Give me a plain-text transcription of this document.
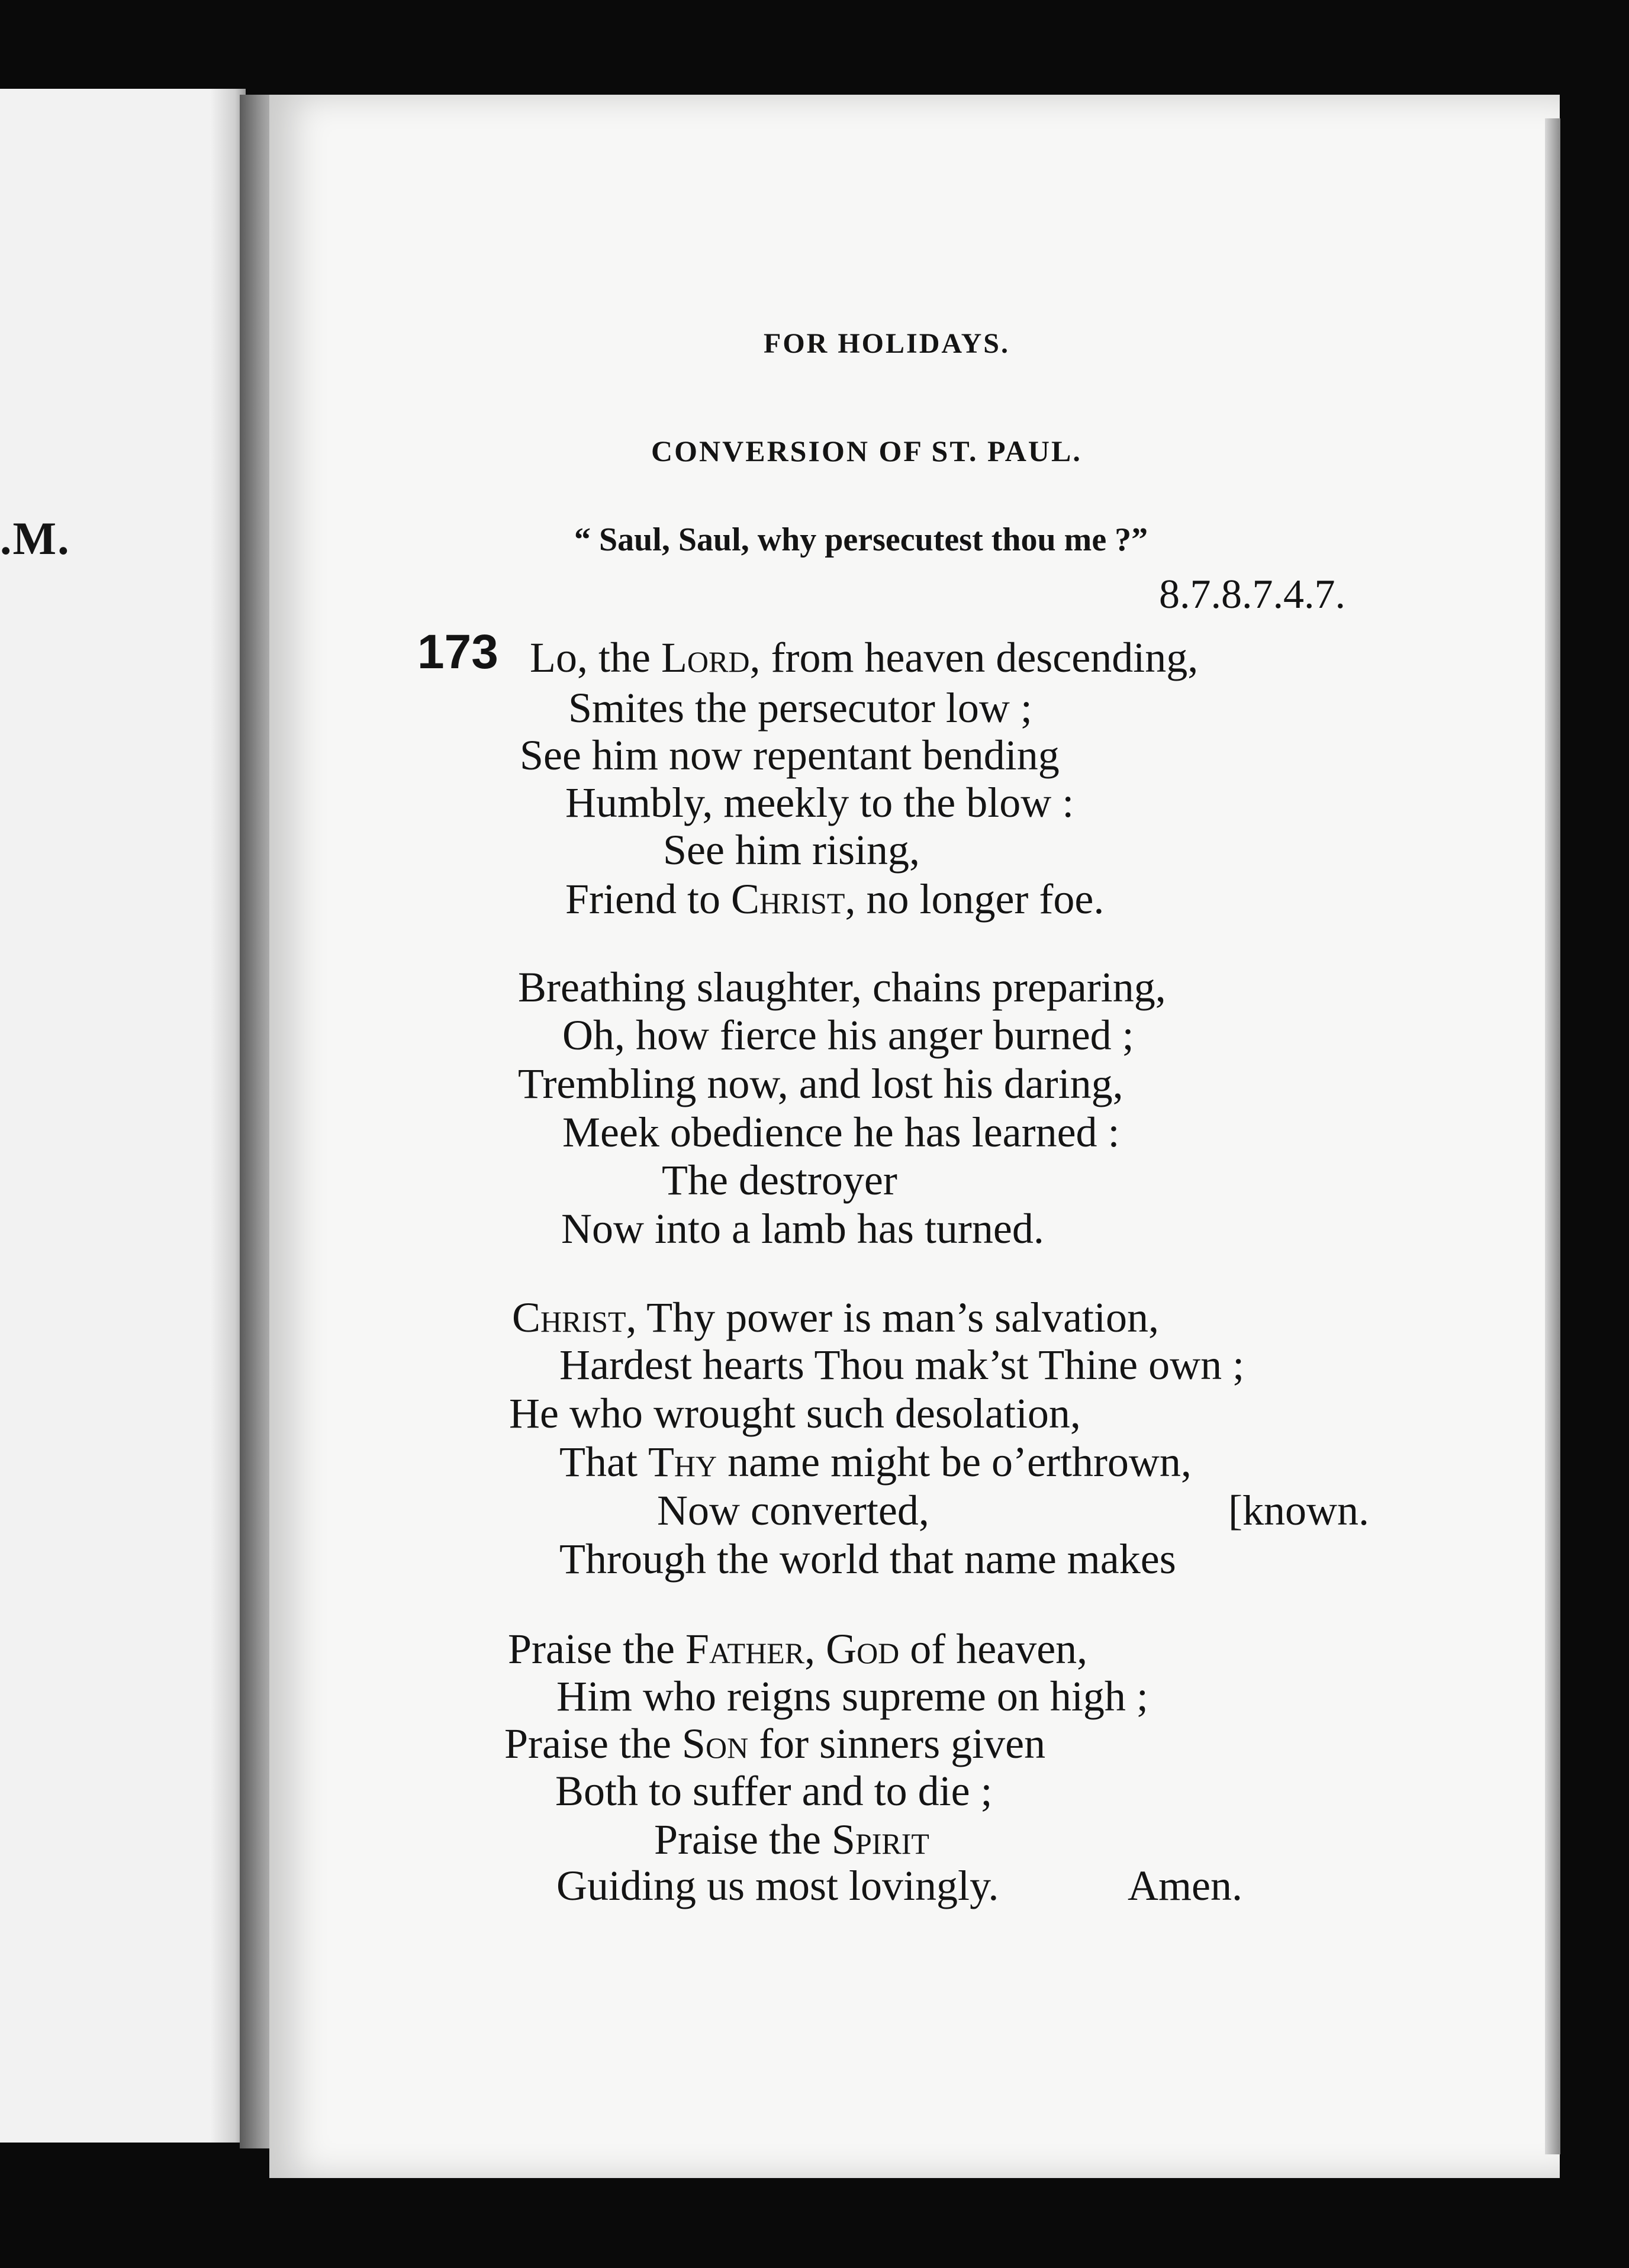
.M.
FOR HOLIDAYS.
CONVERSION OF ST. PAUL.
“ Saul, Saul, why persecutest thou me ?”
8.7.8.7.4.7.
173 Lo, the Lord, from heaven descending,
Smites the persecutor low ;
See him now repentant bending
Humbly, meekly to the blow :
See him rising,
Friend to Christ, no longer foe.
Breathing slaughter, chains preparing,
Oh, how fierce his anger burned ;
Trembling now, and lost his daring,
Meek obedience he has learned :
The destroyer
Now into a lamb has turned.
Christ, Thy power is man’s salvation,
Hardest hearts Thou mak’st Thine own ;
He who wrought such desolation,
That Thy name might be o’erthrown,
Now converted,	[known.
Through the world that name makes
Praise the Father, God of heaven,
Him who reigns supreme on high ;
Praise the Son for sinners given
Both to suffer and to die ;
Praise the Spirit
Guiding us most lovingly.	Amen.
